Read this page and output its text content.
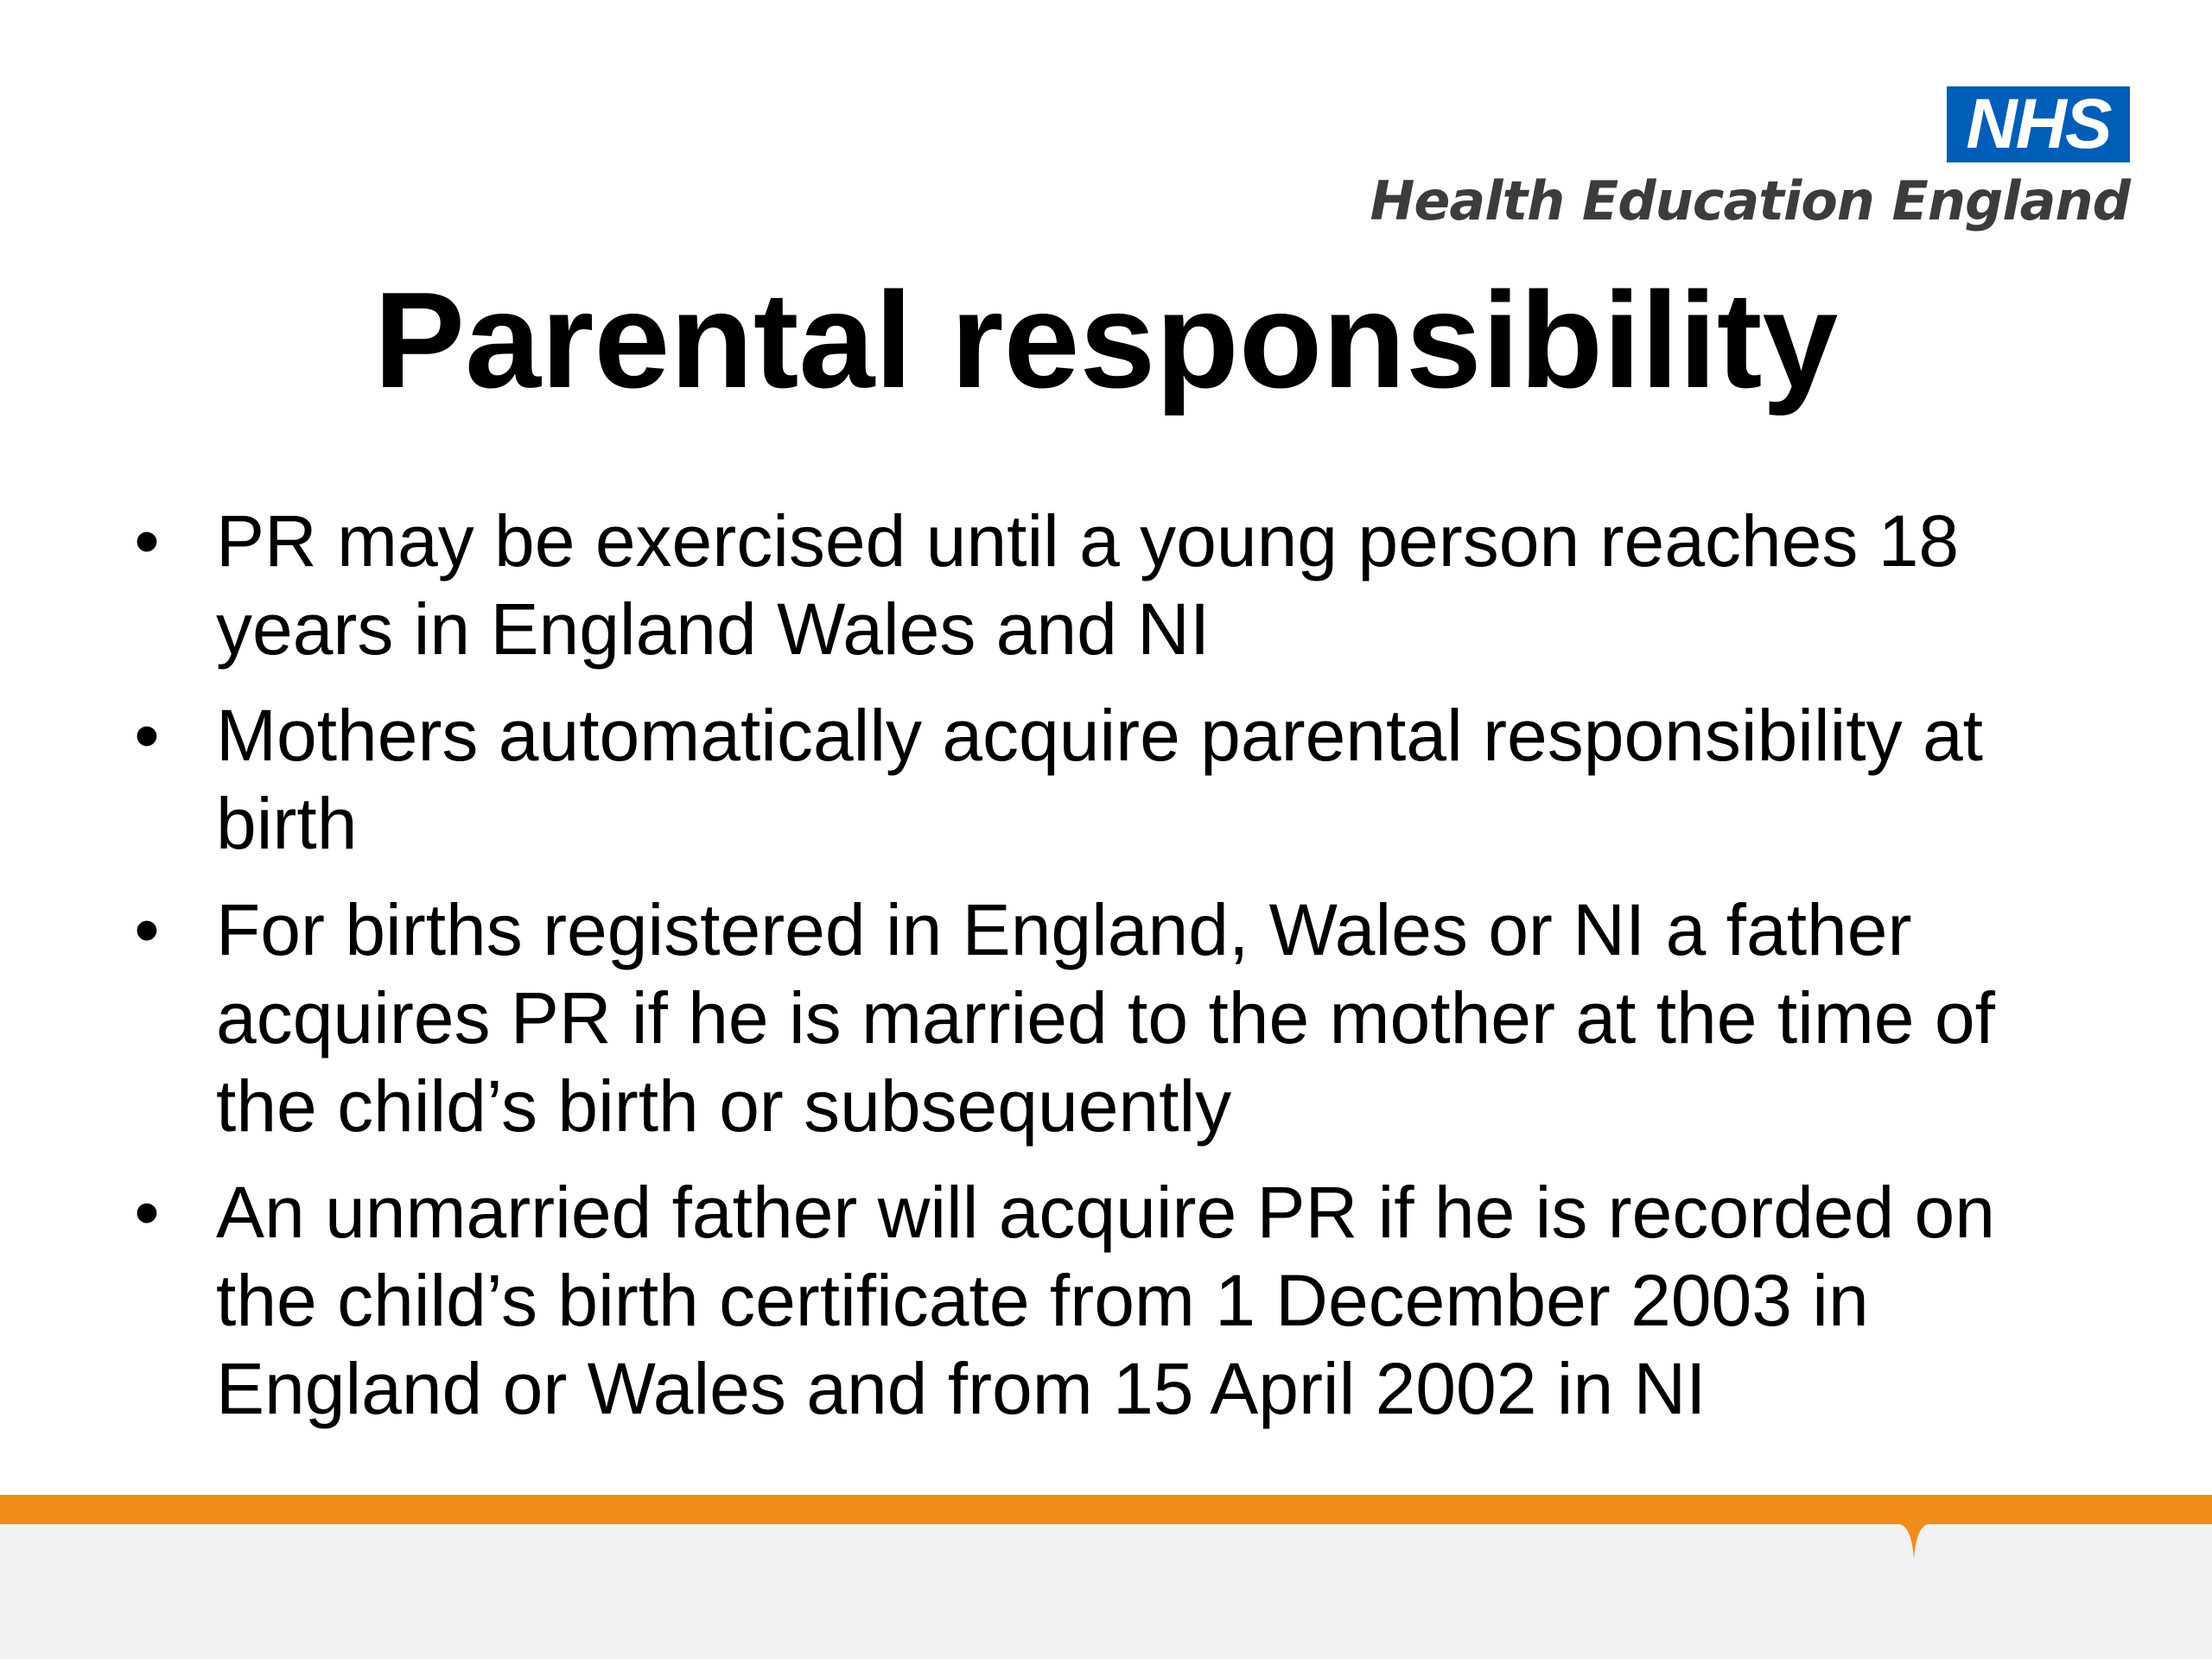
NHS
Health Education England
Parental responsibility
• PR may be exercised until a young person reaches 18 years in England Wales and NI
• Mothers automatically acquire parental responsibility at birth
• For births registered in England, Wales or NI a father acquires PR if he is married to the mother at the time of the child’s birth or subsequently
• An unmarried father will acquire PR if he is recorded on the child’s birth certificate from 1 December 2003 in England or Wales and from 15 April 2002 in NI
